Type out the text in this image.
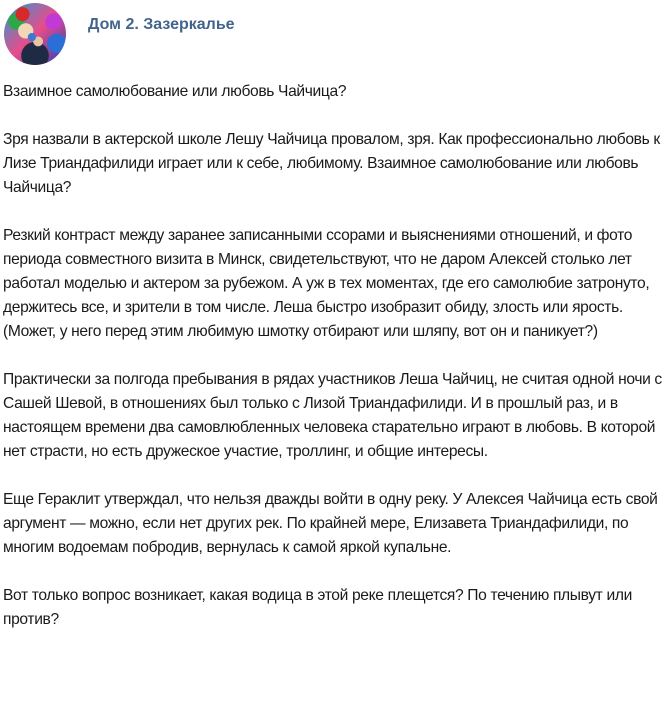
Дом 2. Зазеркалье

Взаимное самолюбование или любовь Чайчица?

Зря назвали в актерской школе Лешу Чайчица провалом, зря. Как профессионально любовь к Лизе Триандафилиди играет или к себе, любимому. Взаимное самолюбование или любовь Чайчица?

Резкий контраст между заранее записанными ссорами и выяснениями отношений, и фото периода совместного визита в Минск, свидетельствуют, что не даром Алексей столько лет работал моделью и актером за рубежом. А уж в тех моментах, где его самолюбие затронуто, держитесь все, и зрители в том числе. Леша быстро изобразит обиду, злость или ярость. (Может, у него перед этим любимую шмотку отбирают или шляпу, вот он и паникует?)

Практически за полгода пребывания в рядах участников Леша Чайчиц, не считая одной ночи с Сашей Шевой, в отношениях был только с Лизой Триандафилиди. И в прошлый раз, и в настоящем времени два самовлюбленных человека старательно играют в любовь. В которой нет страсти, но есть дружеское участие, троллинг, и общие интересы.

Еще Гераклит утверждал, что нельзя дважды войти в одну реку. У Алексея Чайчица есть свой аргумент — можно, если нет других рек. По крайней мере, Елизавета Триандафилиди, по многим водоемам побродив, вернулась к самой яркой купальне.

Вот только вопрос возникает, какая водица в этой реке плещется? По течению плывут или против?
